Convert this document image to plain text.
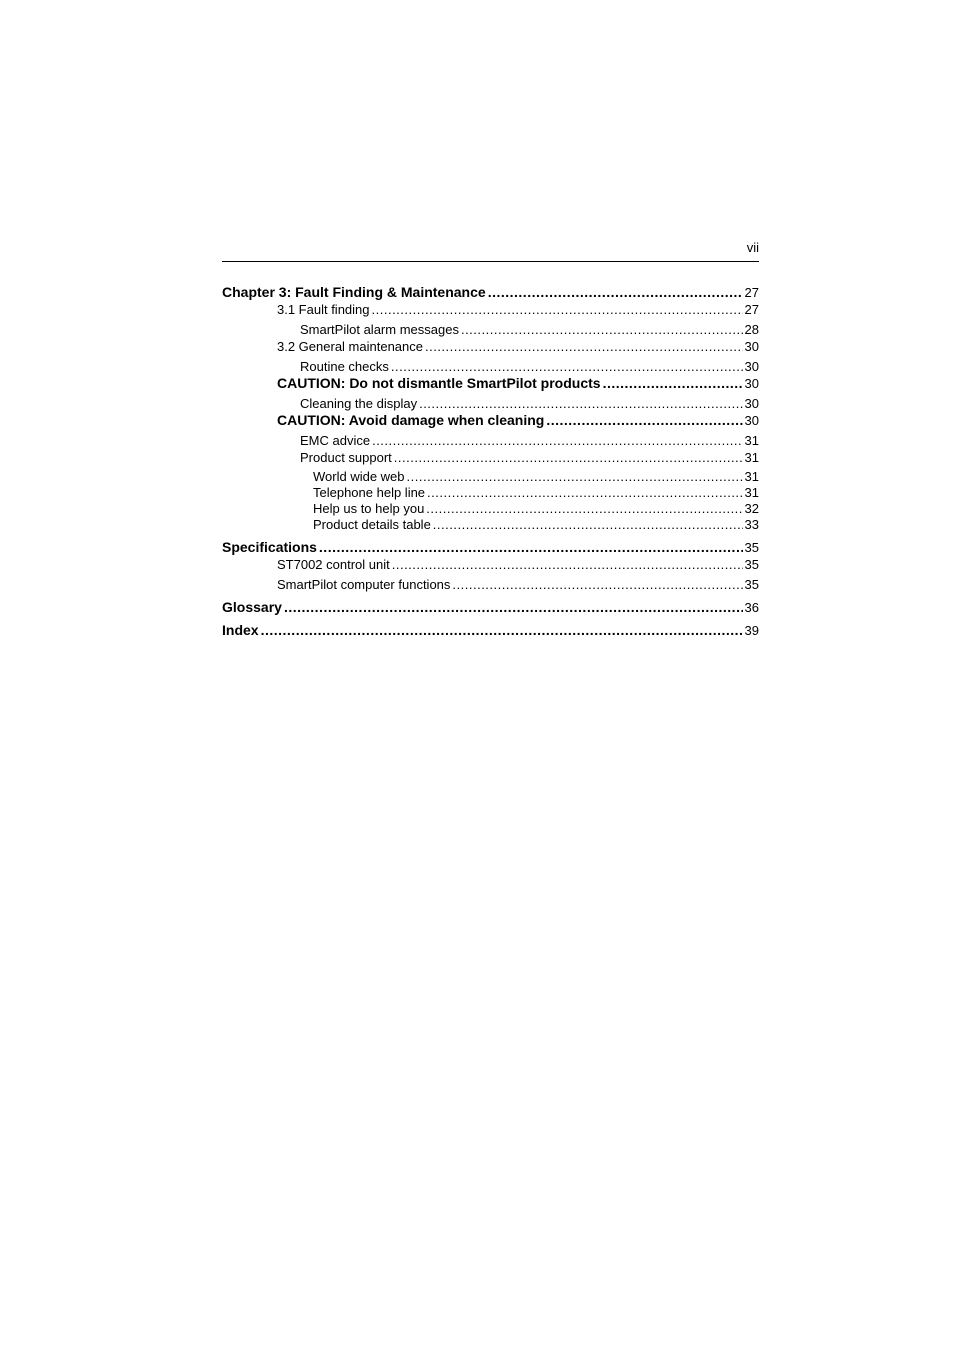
vii
Chapter 3: Fault Finding & Maintenance .....	27
3.1 Fault finding .....	27
SmartPilot alarm messages .....	28
3.2 General maintenance .....	30
Routine checks .....	30
CAUTION: Do not dismantle SmartPilot products .....	30
Cleaning the display .....	30
CAUTION: Avoid damage when cleaning .....	30
EMC advice .....	31
Product support .....	31
World wide web .....	31
Telephone help line .....	31
Help us to help you .....	32
Product details table .....	33
Specifications .....	35
ST7002 control unit .....	35
SmartPilot computer functions .....	35
Glossary .....	36
Index .....	39
